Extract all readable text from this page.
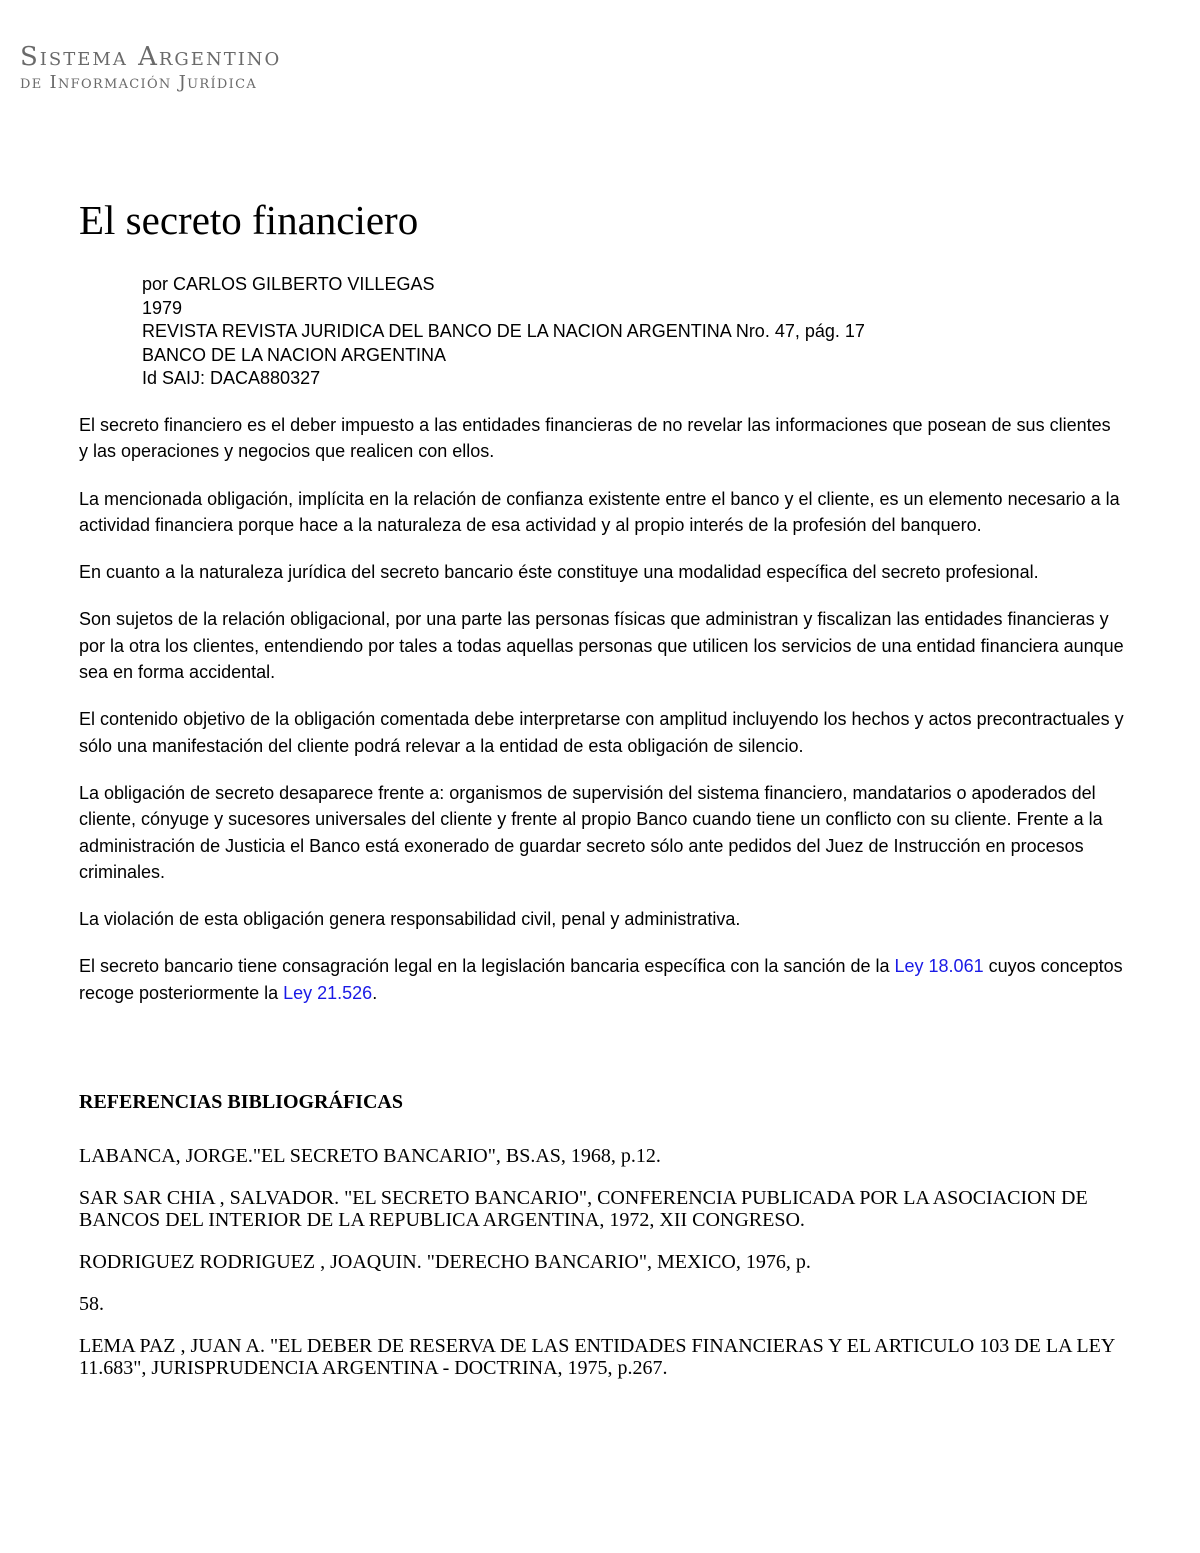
Sistema Argentino
de Información Jurídica
El secreto financiero
por CARLOS GILBERTO VILLEGAS
1979
REVISTA REVISTA JURIDICA DEL BANCO DE LA NACION ARGENTINA Nro. 47, pág. 17
BANCO DE LA NACION ARGENTINA
Id SAIJ: DACA880327

El secreto financiero es el deber impuesto a las entidades financieras de no revelar las informaciones que posean de sus clientes y las operaciones y negocios que realicen con ellos.

La mencionada obligación, implícita en la relación de confianza existente entre el banco y el cliente, es un elemento necesario a la actividad financiera porque hace a la naturaleza de esa actividad y al propio interés de la profesión del banquero.

En cuanto a la naturaleza jurídica del secreto bancario éste constituye una modalidad específica del secreto profesional.

Son sujetos de la relación obligacional, por una parte las personas físicas que administran y fiscalizan las entidades financieras y por la otra los clientes, entendiendo por tales a todas aquellas personas que utilicen los servicios de una entidad financiera aunque sea en forma accidental.

El contenido objetivo de la obligación comentada debe interpretarse con amplitud incluyendo los hechos y actos precontractuales y sólo una manifestación del cliente podrá relevar a la entidad de esta obligación de silencio.

La obligación de secreto desaparece frente a: organismos de supervisión del sistema financiero, mandatarios o apoderados del cliente, cónyuge y sucesores universales del cliente y frente al propio Banco cuando tiene un conflicto con su cliente. Frente a la administración de Justicia el Banco está exonerado de guardar secreto sólo ante pedidos del Juez de Instrucción en procesos criminales.

La violación de esta obligación genera responsabilidad civil, penal y administrativa.

El secreto bancario tiene consagración legal en la legislación bancaria específica con la sanción de la Ley 18.061 cuyos conceptos recoge posteriormente la Ley 21.526.

REFERENCIAS BIBLIOGRÁFICAS

LABANCA, JORGE."EL SECRETO BANCARIO", BS.AS, 1968, p.12.

SAR SAR CHIA , SALVADOR. "EL SECRETO BANCARIO", CONFERENCIA PUBLICADA POR LA ASOCIACION DE BANCOS DEL INTERIOR DE LA REPUBLICA ARGENTINA, 1972, XII CONGRESO.

RODRIGUEZ RODRIGUEZ , JOAQUIN. "DERECHO BANCARIO", MEXICO, 1976, p.

58.

LEMA PAZ , JUAN A. "EL DEBER DE RESERVA DE LAS ENTIDADES FINANCIERAS Y EL ARTICULO 103 DE LA LEY 11.683", JURISPRUDENCIA ARGENTINA - DOCTRINA, 1975, p.267.
